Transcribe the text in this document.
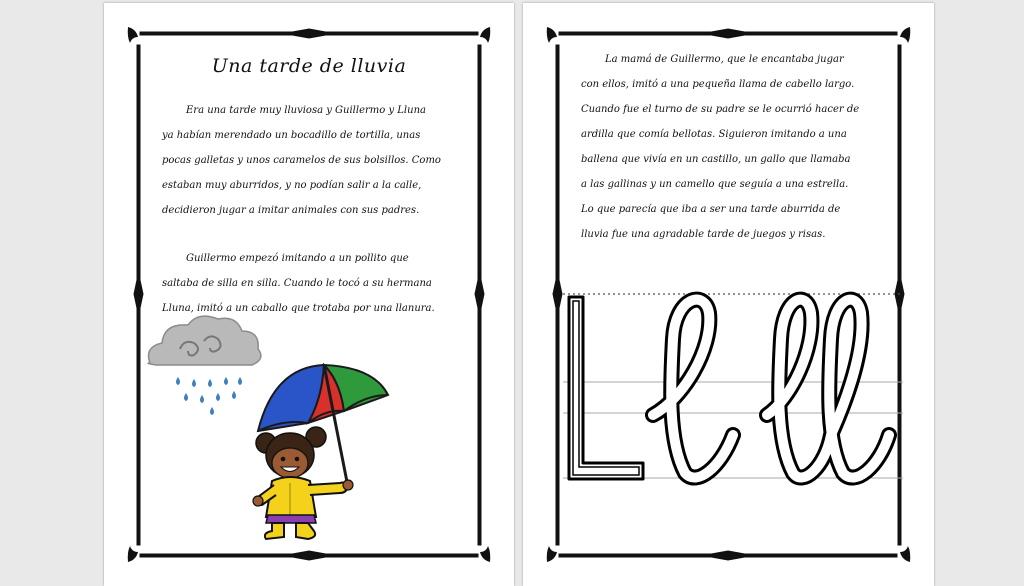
Una tarde de lluvia

Era una tarde muy lluviosa y Guillermo y Lluna

ya habían merendado un bocadillo de tortilla, unas

pocas galletas y unos caramelos de sus bolsillos. Como

estaban muy aburridos, y no podían salir a la calle,

decidieron jugar a imitar animales con sus padres.

Guillermo empezó imitando a un pollito que

saltaba de silla en silla. Cuando le tocó a su hermana

Lluna, imitó a un caballo que trotaba por una llanura.

La mamá de Guillermo, que le encantaba jugar

con ellos, imitó a una pequeña llama de cabello largo.

Cuando fue el turno de su padre se le ocurrió hacer de

ardilla que comía bellotas. Siguieron imitando a una

ballena que vivía en un castillo, un gallo que llamaba

a las gallinas y un camello que seguía a una estrella.

Lo que parecía que iba a ser una tarde aburrida de

lluvia fue una agradable tarde de juegos y risas.
